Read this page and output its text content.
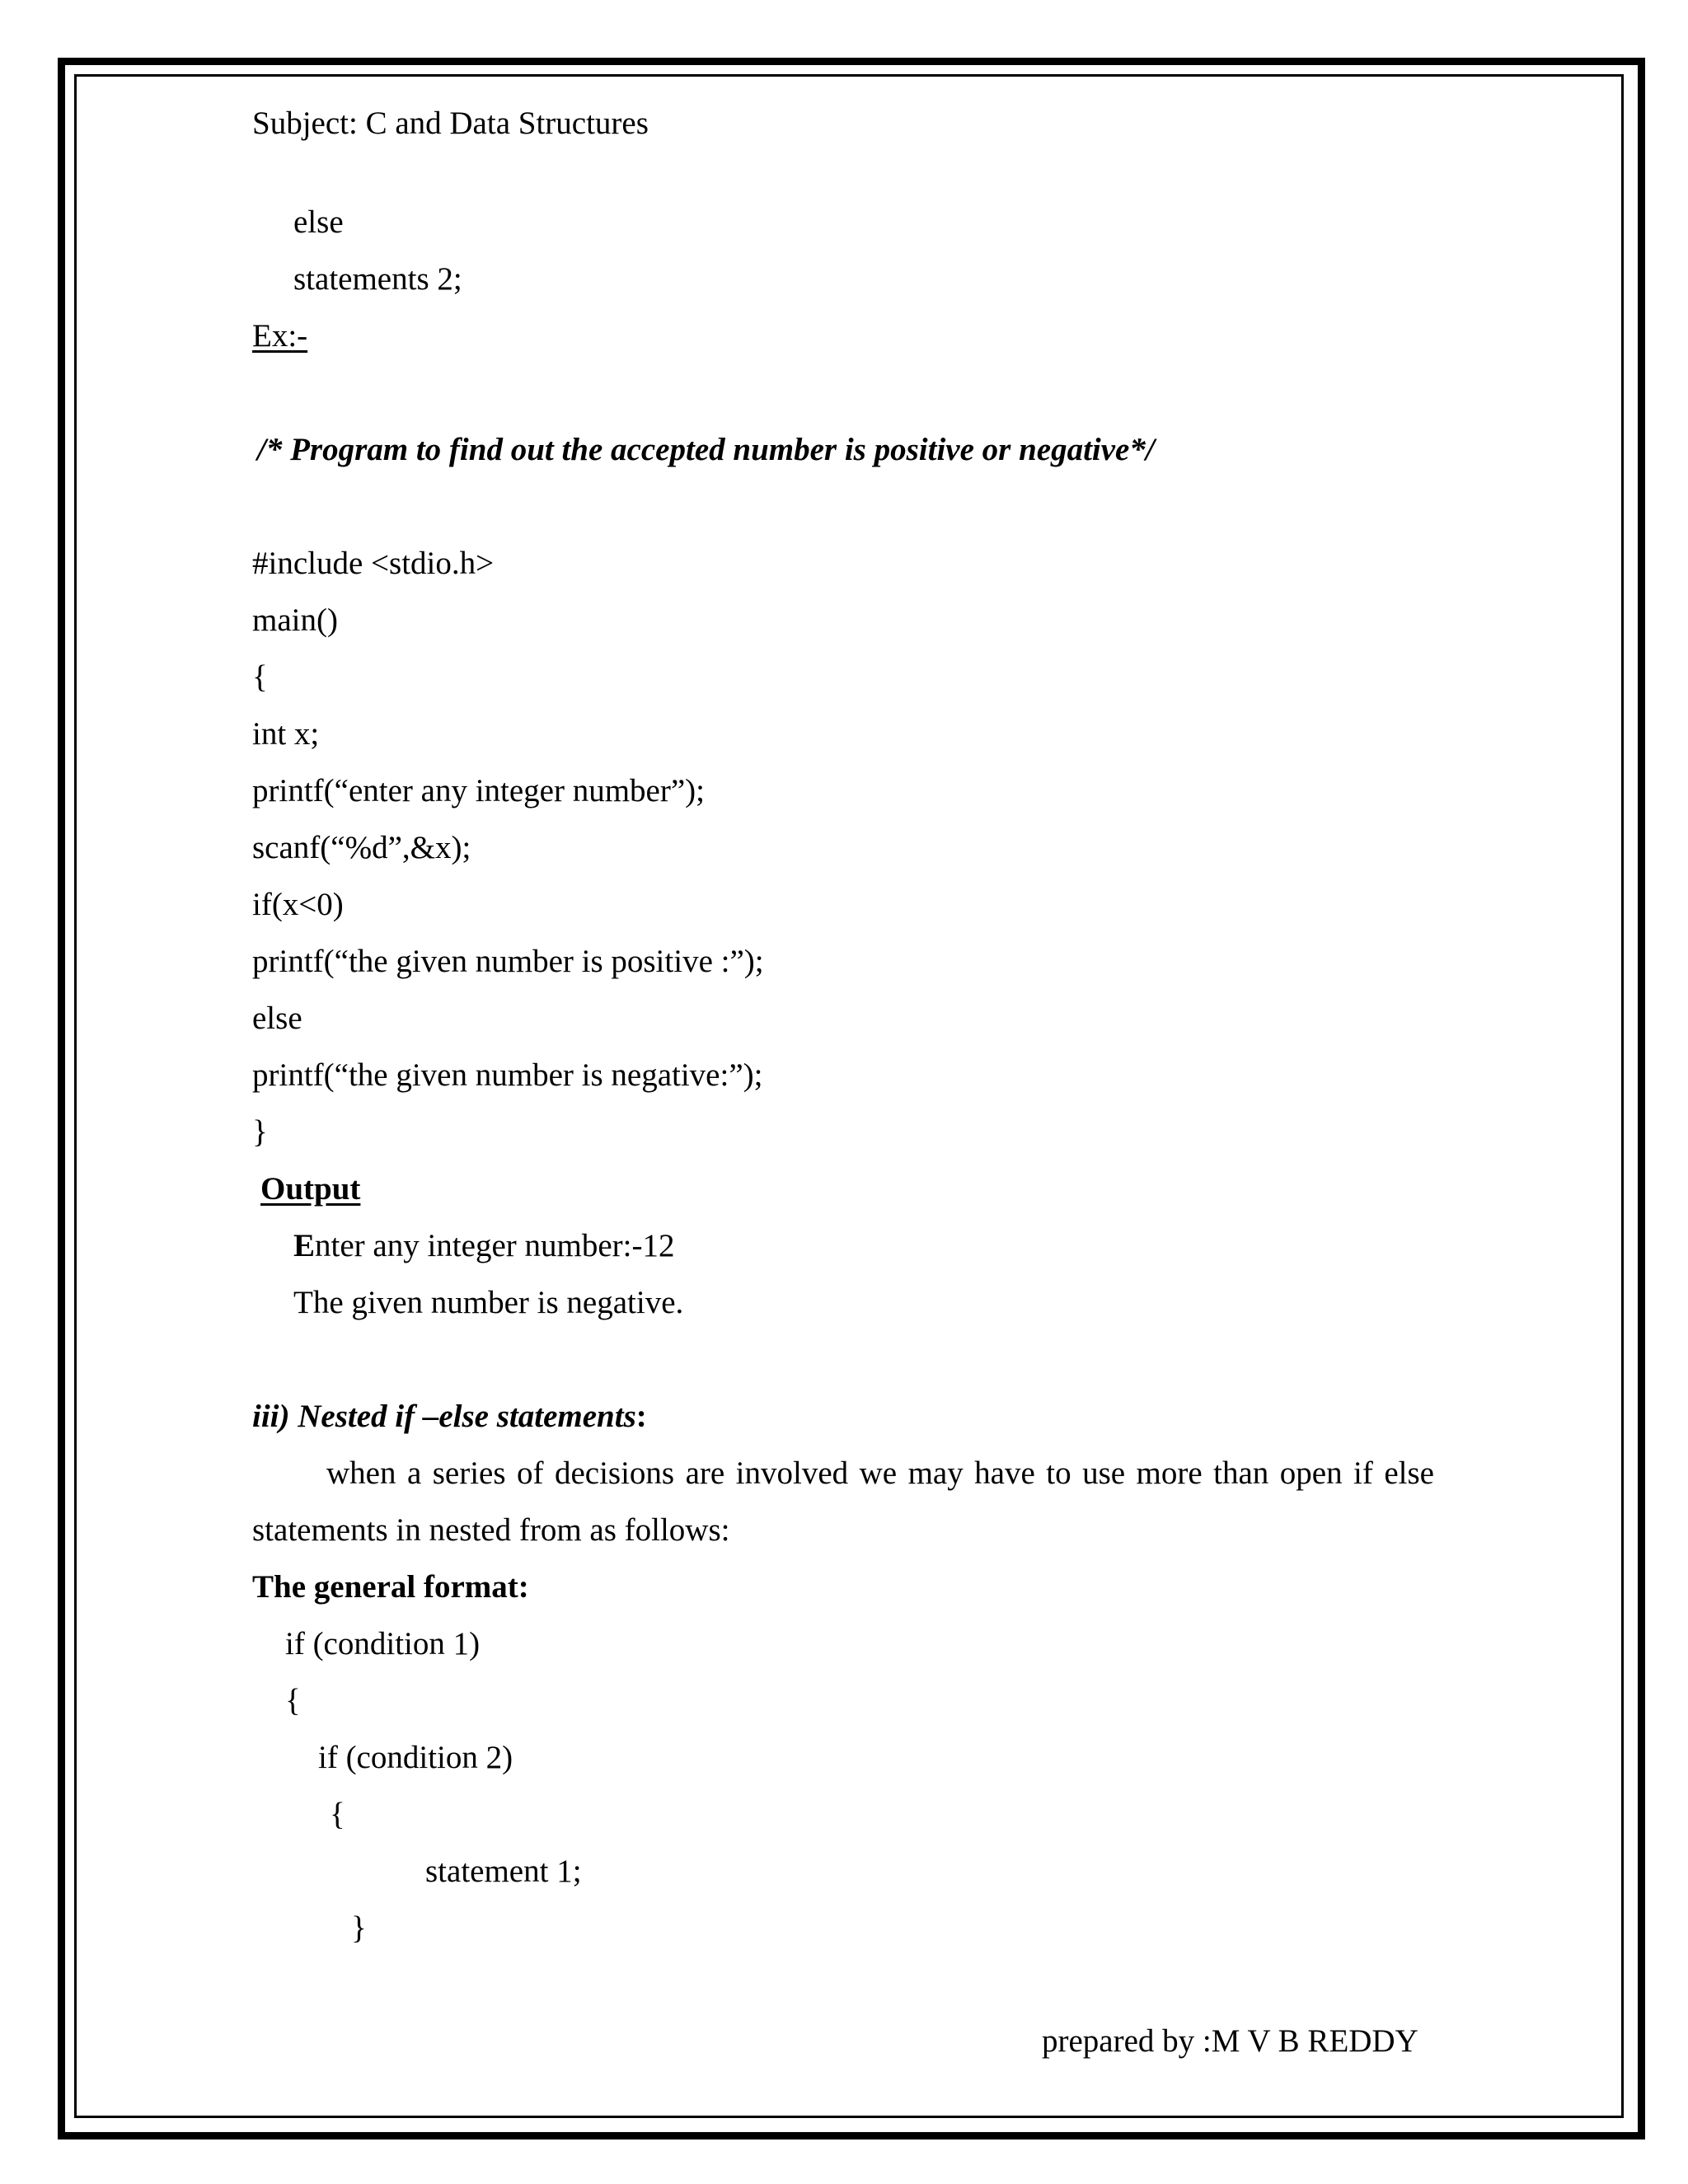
Subject: C and Data Structures
else
statements 2;
Ex:-
/* Program to find out the accepted number is positive or negative*/
#include <stdio.h>
main()
{
int x;
printf(“enter any integer number”);
scanf(“%d”,&x);
if(x<0)
printf(“the given number is positive :”);
else
printf(“the given number is negative:”);
}
Output
Enter any integer number:-12
The given number is negative.
iii) Nested if –else statements:
when a series of decisions are involved we may have to use more than open if else
statements in nested from as follows:
The general format:
if (condition 1)
{
if (condition 2)
{
statement 1;
}
prepared by :M V B REDDY
